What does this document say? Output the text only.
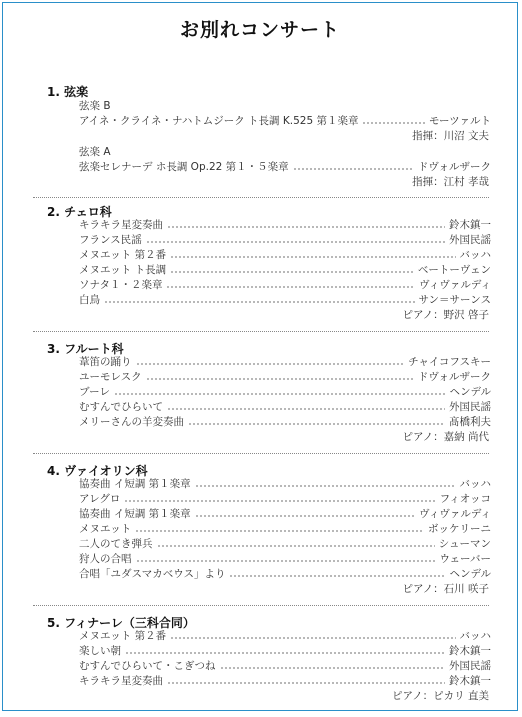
お別れコンサート
1. 弦楽
弦楽 B
アイネ・クライネ・ナハトムジーク ト長調 K.525 第１楽章	モーツァルト
指揮：川沼 文夫
弦楽 A
弦楽セレナーデ ホ長調 Op.22 第１・５楽章	ドヴォルザーク
指揮：江村 孝哉
2. チェロ科
キラキラ星変奏曲	鈴木鎮一
フランス民謡	外国民謡
メヌエット 第２番	バッハ
メヌエット ト長調	ベートーヴェン
ソナタ１・２楽章	ヴィヴァルディ
白鳥	サン＝サーンス
ピアノ：野沢 啓子
3. フルート科
葦笛の踊り	チャイコフスキー
ユーモレスク	ドヴォルザーク
ブーレ	ヘンデル
むすんでひらいて	外国民謡
メリーさんの羊変奏曲	髙橋利夫
ピアノ：嘉納 尚代
4. ヴァイオリン科
協奏曲 イ短調 第１楽章	バッハ
アレグロ	フィオッコ
協奏曲 イ短調 第１楽章	ヴィヴァルディ
メヌエット	ボッケリーニ
二人のてき弾兵	シューマン
狩人の合唱	ウェーバー
合唱「ユダスマカベウス」より	ヘンデル
ピアノ：石川 咲子
5. フィナーレ（三科合同）
メヌエット 第２番	バッハ
楽しい朝	鈴木鎮一
むすんでひらいて・こぎつね	外国民謡
キラキラ星変奏曲	鈴木鎮一
ピアノ：ピカリ 直美
